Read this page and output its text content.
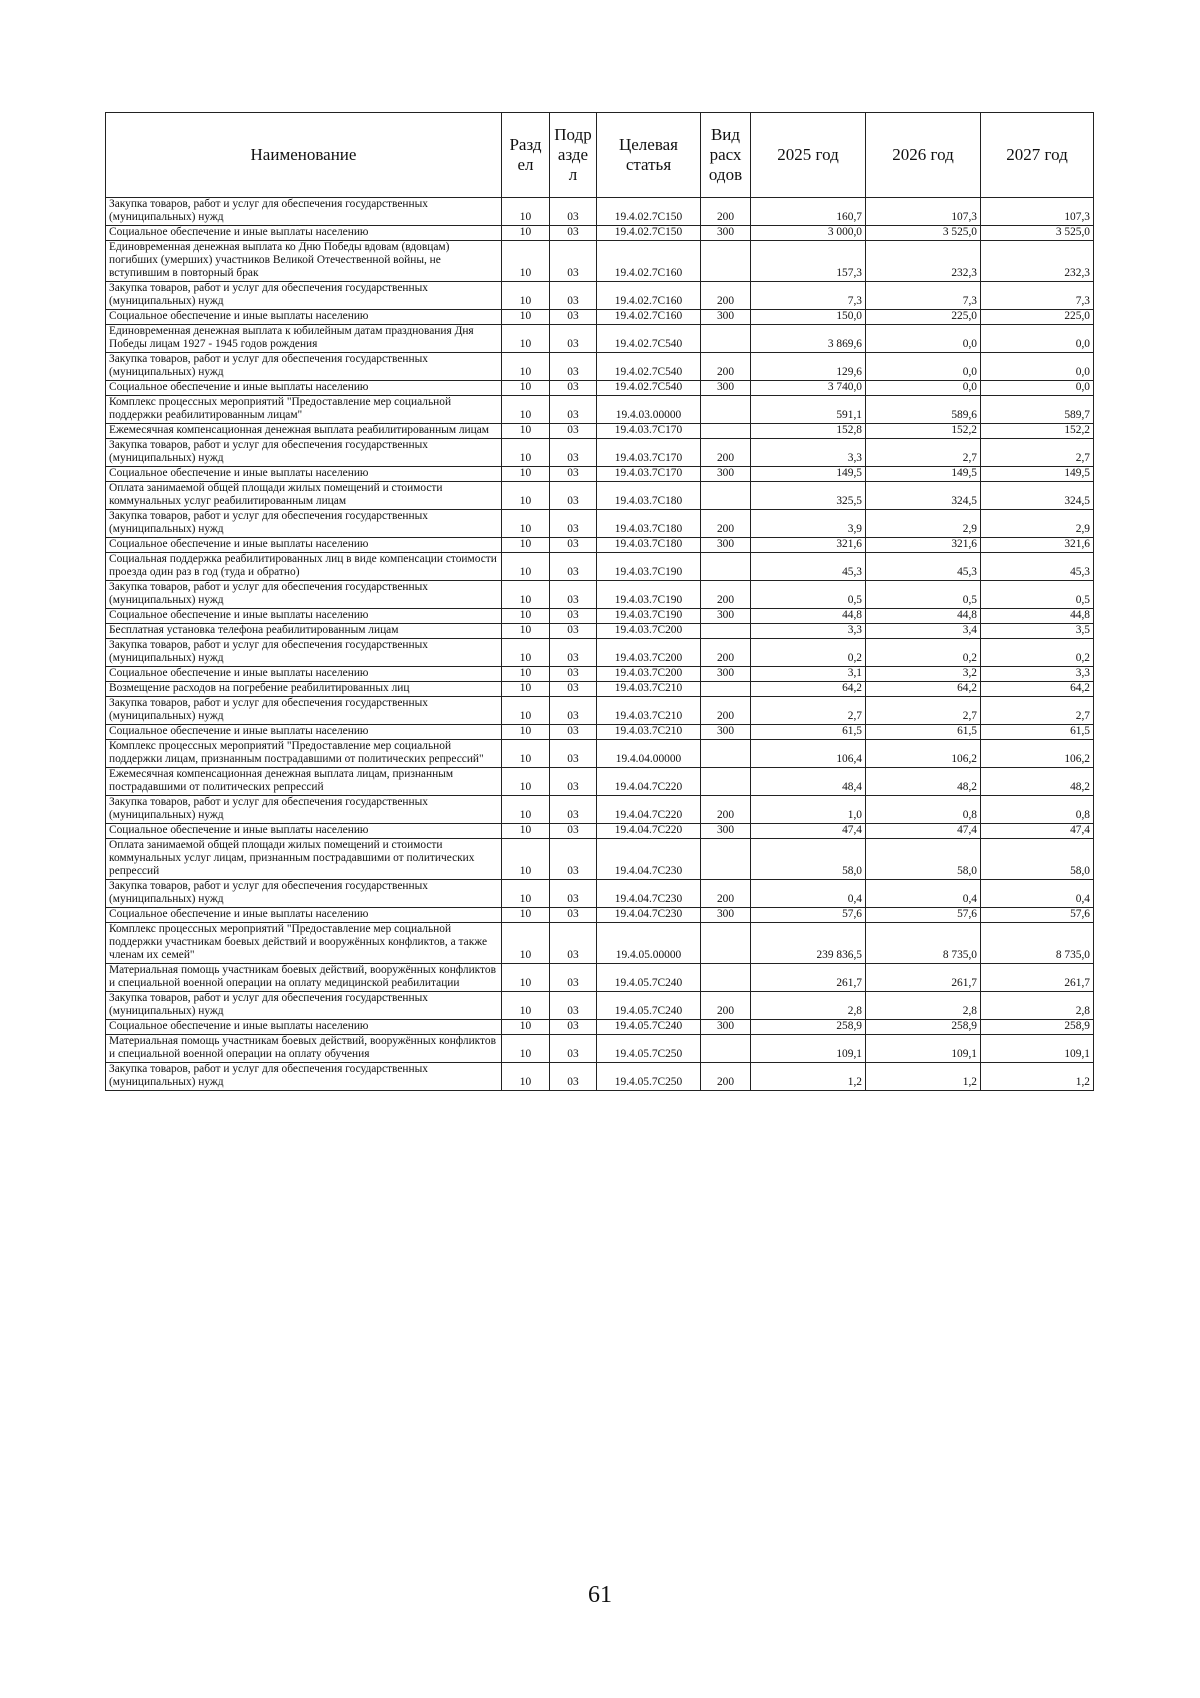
Наименование	Разд ел	Подр азде л	Целевая статья	Вид расх одов	2025 год	2026 год	2027 год
Закупка товаров, работ и услуг для обеспечения государственных (муниципальных) нужд	10	03	19.4.02.7С150	200	160,7	107,3	107,3
Социальное обеспечение и иные выплаты населению	10	03	19.4.02.7С150	300	3 000,0	3 525,0	3 525,0
Единовременная денежная выплата ко Дню Победы вдовам (вдовцам) погибших (умерших) участников Великой Отечественной войны, не вступившим в повторный брак	10	03	19.4.02.7С160		157,3	232,3	232,3
Закупка товаров, работ и услуг для обеспечения государственных (муниципальных) нужд	10	03	19.4.02.7С160	200	7,3	7,3	7,3
Социальное обеспечение и иные выплаты населению	10	03	19.4.02.7С160	300	150,0	225,0	225,0
Единовременная денежная выплата к юбилейным датам празднования Дня Победы лицам 1927 - 1945 годов рождения	10	03	19.4.02.7С540		3 869,6	0,0	0,0
Закупка товаров, работ и услуг для обеспечения государственных (муниципальных) нужд	10	03	19.4.02.7С540	200	129,6	0,0	0,0
Социальное обеспечение и иные выплаты населению	10	03	19.4.02.7С540	300	3 740,0	0,0	0,0
Комплекс процессных мероприятий "Предоставление мер социальной поддержки реабилитированным лицам"	10	03	19.4.03.00000		591,1	589,6	589,7
Ежемесячная компенсационная денежная выплата реабилитированным лицам	10	03	19.4.03.7С170		152,8	152,2	152,2
Закупка товаров, работ и услуг для обеспечения государственных (муниципальных) нужд	10	03	19.4.03.7С170	200	3,3	2,7	2,7
Социальное обеспечение и иные выплаты населению	10	03	19.4.03.7С170	300	149,5	149,5	149,5
Оплата занимаемой общей площади жилых помещений и стоимости коммунальных услуг реабилитированным лицам	10	03	19.4.03.7С180		325,5	324,5	324,5
Закупка товаров, работ и услуг для обеспечения государственных (муниципальных) нужд	10	03	19.4.03.7С180	200	3,9	2,9	2,9
Социальное обеспечение и иные выплаты населению	10	03	19.4.03.7С180	300	321,6	321,6	321,6
Социальная поддержка реабилитированных лиц в виде компенсации стоимости проезда один раз в год (туда и обратно)	10	03	19.4.03.7С190		45,3	45,3	45,3
Закупка товаров, работ и услуг для обеспечения государственных (муниципальных) нужд	10	03	19.4.03.7С190	200	0,5	0,5	0,5
Социальное обеспечение и иные выплаты населению	10	03	19.4.03.7С190	300	44,8	44,8	44,8
Бесплатная установка телефона реабилитированным лицам	10	03	19.4.03.7С200		3,3	3,4	3,5
Закупка товаров, работ и услуг для обеспечения государственных (муниципальных) нужд	10	03	19.4.03.7С200	200	0,2	0,2	0,2
Социальное обеспечение и иные выплаты населению	10	03	19.4.03.7С200	300	3,1	3,2	3,3
Возмещение расходов на погребение реабилитированных лиц	10	03	19.4.03.7С210		64,2	64,2	64,2
Закупка товаров, работ и услуг для обеспечения государственных (муниципальных) нужд	10	03	19.4.03.7С210	200	2,7	2,7	2,7
Социальное обеспечение и иные выплаты населению	10	03	19.4.03.7С210	300	61,5	61,5	61,5
Комплекс процессных мероприятий "Предоставление мер социальной поддержки лицам, признанным пострадавшими от политических репрессий"	10	03	19.4.04.00000		106,4	106,2	106,2
Ежемесячная компенсационная денежная выплата лицам, признанным пострадавшими от политических репрессий	10	03	19.4.04.7С220		48,4	48,2	48,2
Закупка товаров, работ и услуг для обеспечения государственных (муниципальных) нужд	10	03	19.4.04.7С220	200	1,0	0,8	0,8
Социальное обеспечение и иные выплаты населению	10	03	19.4.04.7С220	300	47,4	47,4	47,4
Оплата занимаемой общей площади жилых помещений и стоимости коммунальных услуг лицам, признанным пострадавшими от политических репрессий	10	03	19.4.04.7С230		58,0	58,0	58,0
Закупка товаров, работ и услуг для обеспечения государственных (муниципальных) нужд	10	03	19.4.04.7С230	200	0,4	0,4	0,4
Социальное обеспечение и иные выплаты населению	10	03	19.4.04.7С230	300	57,6	57,6	57,6
Комплекс процессных мероприятий "Предоставление мер социальной поддержки участникам боевых действий и вооружённых конфликтов, а также членам их семей"	10	03	19.4.05.00000		239 836,5	8 735,0	8 735,0
Материальная помощь участникам боевых действий, вооружённых конфликтов и специальной военной операции на оплату медицинской реабилитации	10	03	19.4.05.7С240		261,7	261,7	261,7
Закупка товаров, работ и услуг для обеспечения государственных (муниципальных) нужд	10	03	19.4.05.7С240	200	2,8	2,8	2,8
Социальное обеспечение и иные выплаты населению	10	03	19.4.05.7С240	300	258,9	258,9	258,9
Материальная помощь участникам боевых действий, вооружённых конфликтов и специальной военной операции на оплату обучения	10	03	19.4.05.7С250		109,1	109,1	109,1
Закупка товаров, работ и услуг для обеспечения государственных (муниципальных) нужд	10	03	19.4.05.7С250	200	1,2	1,2	1,2
61
